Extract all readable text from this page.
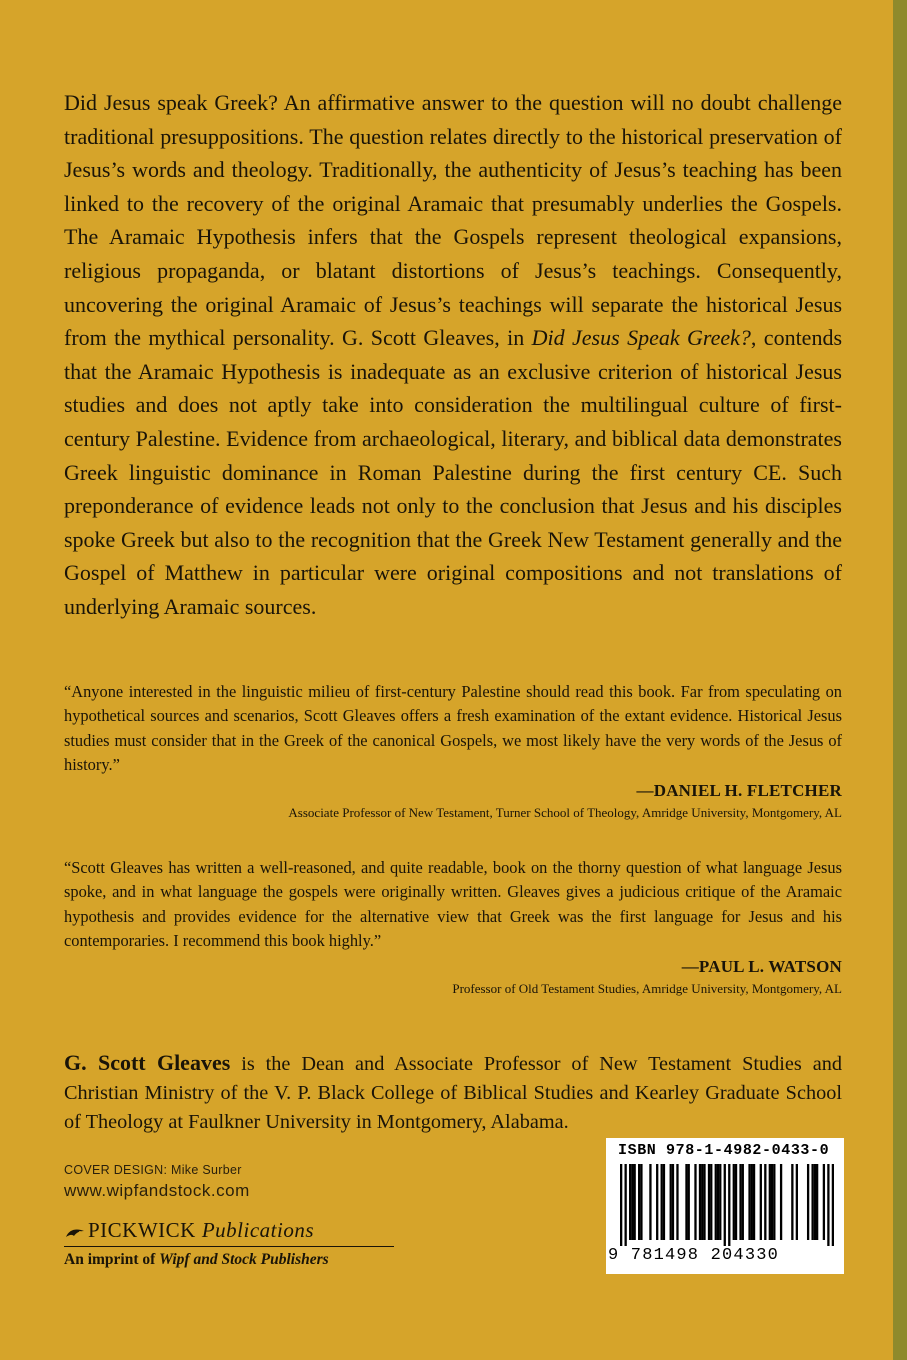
Did Jesus speak Greek? An affirmative answer to the question will no doubt challenge traditional presuppositions. The question relates directly to the historical preservation of Jesus’s words and theology. Traditionally, the authenticity of Jesus’s teaching has been linked to the recovery of the original Aramaic that presumably underlies the Gospels. The Aramaic Hypothesis infers that the Gospels represent theological expansions, religious propaganda, or blatant distortions of Jesus’s teachings. Consequently, uncovering the original Aramaic of Jesus’s teachings will separate the historical Jesus from the mythical personality. G. Scott Gleaves, in Did Jesus Speak Greek?, contends that the Aramaic Hypothesis is inadequate as an exclusive criterion of historical Jesus studies and does not aptly take into consideration the multilingual culture of first-century Palestine. Evidence from archaeological, literary, and biblical data demonstrates Greek linguistic dominance in Roman Palestine during the first century CE. Such preponderance of evidence leads not only to the conclusion that Jesus and his disciples spoke Greek but also to the recognition that the Greek New Testament generally and the Gospel of Matthew in particular were original compositions and not translations of underlying Aramaic sources.

“Anyone interested in the linguistic milieu of first-century Palestine should read this book. Far from speculating on hypothetical sources and scenarios, Scott Gleaves offers a fresh examination of the extant evidence. Historical Jesus studies must consider that in the Greek of the canonical Gospels, we most likely have the very words of the Jesus of history.”

—DANIEL H. FLETCHER
Associate Professor of New Testament, Turner School of Theology, Amridge University, Montgomery, AL

“Scott Gleaves has written a well-reasoned, and quite readable, book on the thorny question of what language Jesus spoke, and in what language the gospels were originally written. Gleaves gives a judicious critique of the Aramaic hypothesis and provides evidence for the alternative view that Greek was the first language for Jesus and his contemporaries. I recommend this book highly.”

—PAUL L. WATSON
Professor of Old Testament Studies, Amridge University, Montgomery, AL

G. Scott Gleaves is the Dean and Associate Professor of New Testament Studies and Christian Ministry of the V. P. Black College of Biblical Studies and Kearley Graduate School of Theology at Faulkner University in Montgomery, Alabama.

COVER DESIGN: Mike Surber
www.wipfandstock.com
PICKWICK Publications
An imprint of Wipf and Stock Publishers
ISBN 978-1-4982-0433-0
9 781498 204330
